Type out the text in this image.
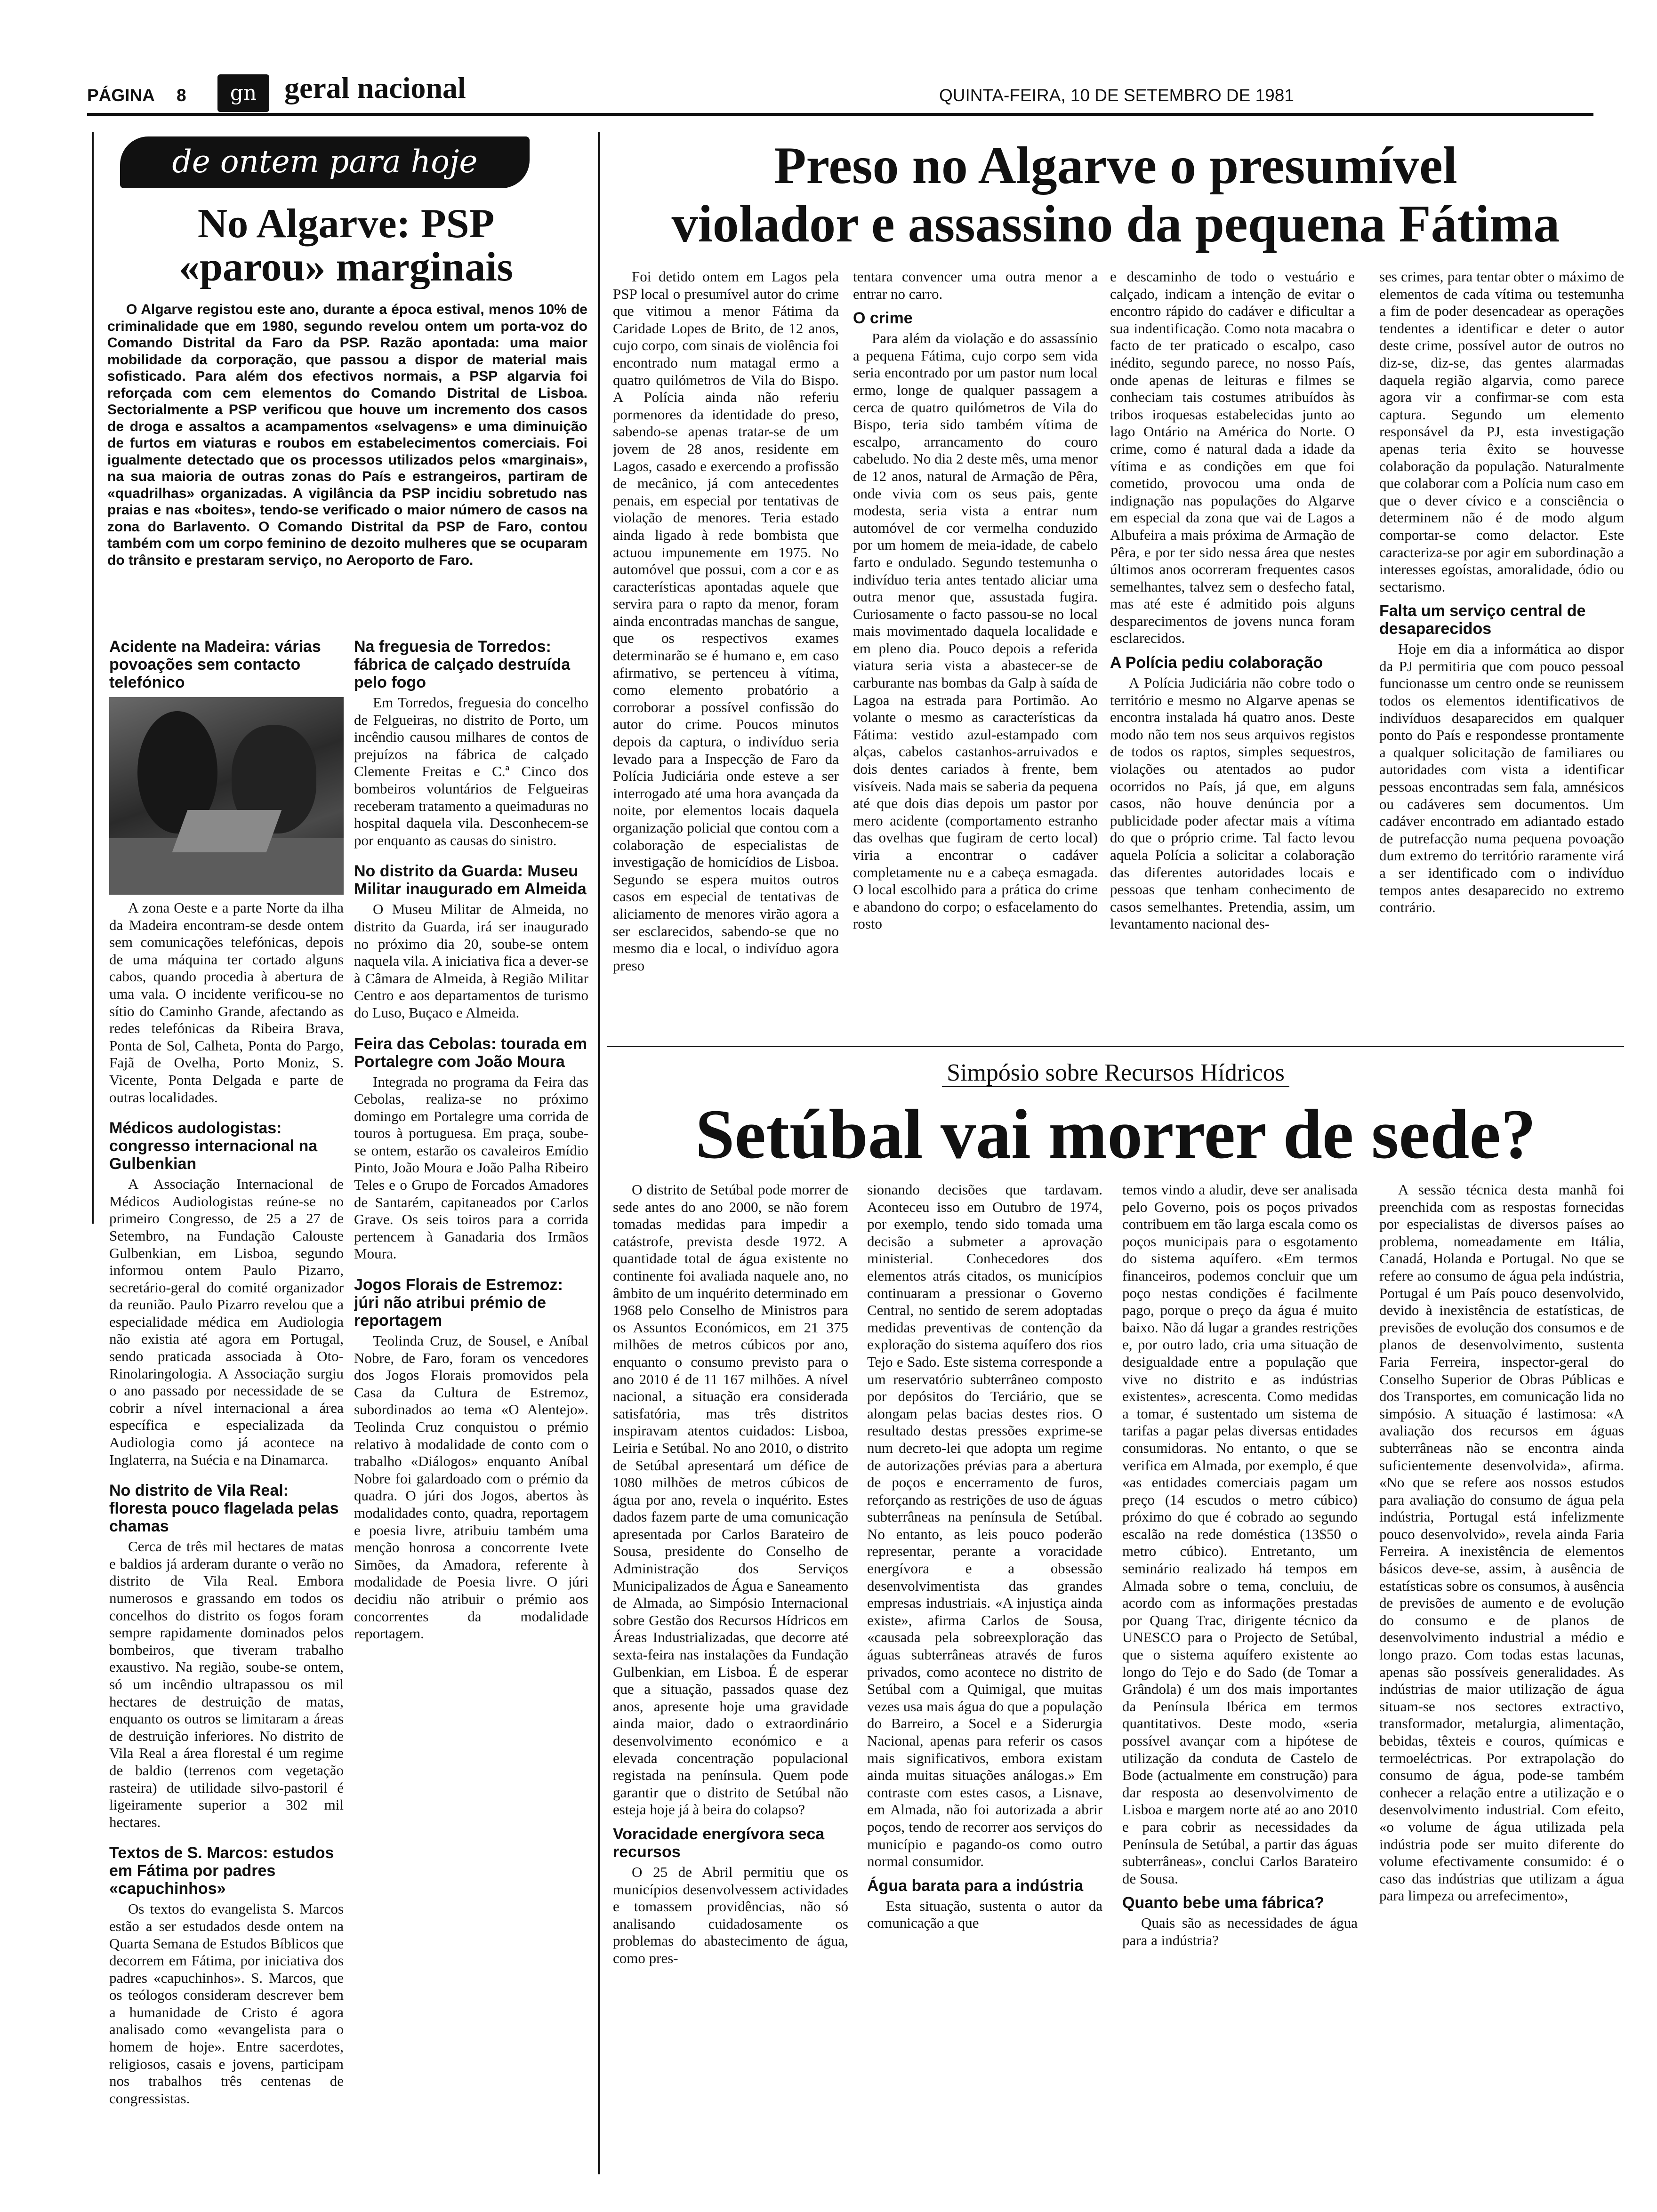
PÁGINA 8	gn geral nacional	QUINTA-FEIRA, 10 DE SETEMBRO DE 1981
de ontem para hoje
No Algarve: PSP
«parou» marginais

O Algarve registou este ano, durante a época estival, menos 10% de criminalidade que em 1980, segundo revelou ontem um porta-voz do Comando Distrital da Faro da PSP. Razão apontada: uma maior mobilidade da corporação, que passou a dispor de material mais sofisticado. Para além dos efectivos normais, a PSP algarvia foi reforçada com cem elementos do Comando Distrital de Lisboa. Sectorialmente a PSP verificou que houve um incremento dos casos de droga e assaltos a acampamentos «selvagens» e uma diminuição de furtos em viaturas e roubos em estabelecimentos comerciais. Foi igualmente detectado que os processos utilizados pelos «marginais», na sua maioria de outras zonas do País e estrangeiros, partiram de «quadrilhas» organizadas. A vigilância da PSP incidiu sobretudo nas praias e nas «boites», tendo-se verificado o maior número de casos na zona do Barlavento. O Comando Distrital da PSP de Faro, contou também com um corpo feminino de dezoito mulheres que se ocuparam do trânsito e prestaram serviço, no Aeroporto de Faro.

Acidente na Madeira: várias povoações sem contacto telefónico

A zona Oeste e a parte Norte da ilha da Madeira encontram-se desde ontem sem comunicações telefónicas, depois de uma máquina ter cortado alguns cabos, quando procedia à abertura de uma vala. O incidente verificou-se no sítio do Caminho Grande, afectando as redes telefónicas da Ribeira Brava, Ponta de Sol, Calheta, Ponta do Pargo, Fajã de Ovelha, Porto Moniz, S. Vicente, Ponta Delgada e parte de outras localidades.

Médicos audologistas: congresso internacional na Gulbenkian

A Associação Internacional de Médicos Audiologistas reúne-se no primeiro Congresso, de 25 a 27 de Setembro, na Fundação Calouste Gulbenkian, em Lisboa, segundo informou ontem Paulo Pizarro, secretário-geral do comité organizador da reunião. Paulo Pizarro revelou que a especialidade médica em Audiologia não existia até agora em Portugal, sendo praticada associada à Oto-Rinolaringologia. A Associação surgiu o ano passado por necessidade de se cobrir a nível internacional a área específica e especializada da Audiologia como já acontece na Inglaterra, na Suécia e na Dinamarca.

No distrito de Vila Real: floresta pouco flagelada pelas chamas

Cerca de três mil hectares de matas e baldios já arderam durante o verão no distrito de Vila Real. Embora numerosos e grassando em todos os concelhos do distrito os fogos foram sempre rapidamente dominados pelos bombeiros, que tiveram trabalho exaustivo. Na região, soube-se ontem, só um incêndio ultrapassou os mil hectares de destruição de matas, enquanto os outros se limitaram a áreas de destruição inferiores. No distrito de Vila Real a área florestal é um regime de baldio (terrenos com vegetação rasteira) de utilidade silvo-pastoril é ligeiramente superior a 302 mil hectares.

Textos de S. Marcos: estudos em Fátima por padres «capuchinhos»

Os textos do evangelista S. Marcos estão a ser estudados desde ontem na Quarta Semana de Estudos Bíblicos que decorrem em Fátima, por iniciativa dos padres «capuchinhos». S. Marcos, que os teólogos consideram descrever bem a humanidade de Cristo é agora analisado como «evangelista para o homem de hoje». Entre sacerdotes, religiosos, casais e jovens, participam nos trabalhos três centenas de congressistas.

Na freguesia de Torredos: fábrica de calçado destruída pelo fogo

Em Torredos, freguesia do concelho de Felgueiras, no distrito de Porto, um incêndio causou milhares de contos de prejuízos na fábrica de calçado Clemente Freitas e C.ª Cinco dos bombeiros voluntários de Felgueiras receberam tratamento a queimaduras no hospital daquela vila. Desconhecem-se por enquanto as causas do sinistro.

No distrito da Guarda: Museu Militar inaugurado em Almeida

O Museu Militar de Almeida, no distrito da Guarda, irá ser inaugurado no próximo dia 20, soube-se ontem naquela vila. A iniciativa fica a dever-se à Câmara de Almeida, à Região Militar Centro e aos departamentos de turismo do Luso, Buçaco e Almeida.

Feira das Cebolas: tourada em Portalegre com João Moura

Integrada no programa da Feira das Cebolas, realiza-se no próximo domingo em Portalegre uma corrida de touros à portuguesa. Em praça, soube-se ontem, estarão os cavaleiros Emídio Pinto, João Moura e João Palha Ribeiro Teles e o Grupo de Forcados Amadores de Santarém, capitaneados por Carlos Grave. Os seis toiros para a corrida pertencem à Ganadaria dos Irmãos Moura.

Jogos Florais de Estremoz: júri não atribui prémio de reportagem

Teolinda Cruz, de Sousel, e Aníbal Nobre, de Faro, foram os vencedores dos Jogos Florais promovidos pela Casa da Cultura de Estremoz, subordinados ao tema «O Alentejo». Teolinda Cruz conquistou o prémio relativo à modalidade de conto com o trabalho «Diálogos» enquanto Aníbal Nobre foi galardoado com o prémio da quadra. O júri dos Jogos, abertos às modalidades conto, quadra, reportagem e poesia livre, atribuiu também uma menção honrosa a concorrente Ivete Simões, da Amadora, referente à modalidade de Poesia livre. O júri decidiu não atribuir o prémio aos concorrentes da modalidade reportagem.

Preso no Algarve o presumível
violador e assassino da pequena Fátima

Foi detido ontem em Lagos pela PSP local o presumível autor do crime que vitimou a menor Fátima da Caridade Lopes de Brito, de 12 anos, cujo corpo, com sinais de violência foi encontrado num matagal ermo a quatro quilómetros de Vila do Bispo. A Polícia ainda não referiu pormenores da identidade do preso, sabendo-se apenas tratar-se de um jovem de 28 anos, residente em Lagos, casado e exercendo a profissão de mecânico, já com antecedentes penais, em especial por tentativas de violação de menores. Teria estado ainda ligado à rede bombista que actuou impunemente em 1975. No automóvel que possui, com a cor e as características apontadas aquele que servira para o rapto da menor, foram ainda encontradas manchas de sangue, que os respectivos exames determinarão se é humano e, em caso afirmativo, se pertenceu à vítima, como elemento probatório a corroborar a possível confissão do autor do crime. Poucos minutos depois da captura, o indivíduo seria levado para a Inspecção de Faro da Polícia Judiciária onde esteve a ser interrogado até uma hora avançada da noite, por elementos locais daquela organização policial que contou com a colaboração de especialistas de investigação de homicídios de Lisboa. Segundo se espera muitos outros casos em especial de tentativas de aliciamento de menores virão agora a ser esclarecidos, sabendo-se que no mesmo dia e local, o indivíduo agora preso

tentara convencer uma outra menor a entrar no carro.

O crime

Para além da violação e do assassínio a pequena Fátima, cujo corpo sem vida seria encontrado por um pastor num local ermo, longe de qualquer passagem a cerca de quatro quilómetros de Vila do Bispo, teria sido também vítima de escalpo, arrancamento do couro cabeludo. No dia 2 deste mês, uma menor de 12 anos, natural de Armação de Pêra, onde vivia com os seus pais, gente modesta, seria vista a entrar num automóvel de cor vermelha conduzido por um homem de meia-idade, de cabelo farto e ondulado. Segundo testemunha o indivíduo teria antes tentado aliciar uma outra menor que, assustada fugira. Curiosamente o facto passou-se no local mais movimentado daquela localidade e em pleno dia. Pouco depois a referida viatura seria vista a abastecer-se de carburante nas bombas da Galp à saída de Lagoa na estrada para Portimão. Ao volante o mesmo as características da Fátima: vestido azul-estampado com alças, cabelos castanhos-arruivados e dois dentes cariados à frente, bem visíveis. Nada mais se saberia da pequena até que dois dias depois um pastor por mero acidente (comportamento estranho das ovelhas que fugiram de certo local) viria a encontrar o cadáver completamente nu e a cabeça esmagada. O local escolhido para a prática do crime e abandono do corpo; o esfacelamento do rosto

e descaminho de todo o vestuário e calçado, indicam a intenção de evitar o encontro rápido do cadáver e dificultar a sua indentificação. Como nota macabra o facto de ter praticado o escalpo, caso inédito, segundo parece, no nosso País, onde apenas de leituras e filmes se conheciam tais costumes atribuídos às tribos iroquesas estabelecidas junto ao lago Ontário na América do Norte. O crime, como é natural dada a idade da vítima e as condições em que foi cometido, provocou uma onda de indignação nas populações do Algarve em especial da zona que vai de Lagos a Albufeira a mais próxima de Armação de Pêra, e por ter sido nessa área que nestes últimos anos ocorreram frequentes casos semelhantes, talvez sem o desfecho fatal, mas até este é admitido pois alguns desparecimentos de jovens nunca foram esclarecidos.

A Polícia pediu colaboração

A Polícia Judiciária não cobre todo o território e mesmo no Algarve apenas se encontra instalada há quatro anos. Deste modo não tem nos seus arquivos registos de todos os raptos, simples sequestros, violações ou atentados ao pudor ocorridos no País, já que, em alguns casos, não houve denúncia por a publicidade poder afectar mais a vítima do que o próprio crime. Tal facto levou aquela Polícia a solicitar a colaboração das diferentes autoridades locais e pessoas que tenham conhecimento de casos semelhantes. Pretendia, assim, um levantamento nacional des-

ses crimes, para tentar obter o máximo de elementos de cada vítima ou testemunha a fim de poder desencadear as operações tendentes a identificar e deter o autor deste crime, possível autor de outros no diz-se, diz-se, das gentes alarmadas daquela região algarvia, como parece agora vir a confirmar-se com esta captura. Segundo um elemento responsável da PJ, esta investigação apenas teria êxito se houvesse colaboração da população. Naturalmente que colaborar com a Polícia num caso em que o dever cívico e a consciência o determinem não é de modo algum comportar-se como delactor. Este caracteriza-se por agir em subordinação a interesses egoístas, amoralidade, ódio ou sectarismo.

Falta um serviço central de desaparecidos

Hoje em dia a informática ao dispor da PJ permitiria que com pouco pessoal funcionasse um centro onde se reunissem todos os elementos identificativos de indivíduos desaparecidos em qualquer ponto do País e respondesse prontamente a qualquer solicitação de familiares ou autoridades com vista a identificar pessoas encontradas sem fala, amnésicos ou cadáveres sem documentos. Um cadáver encontrado em adiantado estado de putrefacção numa pequena povoação dum extremo do território raramente virá a ser identificado com o indivíduo tempos antes desaparecido no extremo contrário.

Simpósio sobre Recursos Hídricos
Setúbal vai morrer de sede?

O distrito de Setúbal pode morrer de sede antes do ano 2000, se não forem tomadas medidas para impedir a catástrofe, prevista desde 1972. A quantidade total de água existente no continente foi avaliada naquele ano, no âmbito de um inquérito determinado em 1968 pelo Conselho de Ministros para os Assuntos Económicos, em 21 375 milhões de metros cúbicos por ano, enquanto o consumo previsto para o ano 2010 é de 11 167 milhões. A nível nacional, a situação era considerada satisfatória, mas três distritos inspiravam atentos cuidados: Lisboa, Leiria e Setúbal. No ano 2010, o distrito de Setúbal apresentará um défice de 1080 milhões de metros cúbicos de água por ano, revela o inquérito. Estes dados fazem parte de uma comunicação apresentada por Carlos Barateiro de Sousa, presidente do Conselho de Administração dos Serviços Municipalizados de Água e Saneamento de Almada, ao Simpósio Internacional sobre Gestão dos Recursos Hídricos em Áreas Industrializadas, que decorre até sexta-feira nas instalações da Fundação Gulbenkian, em Lisboa. É de esperar que a situação, passados quase dez anos, apresente hoje uma gravidade ainda maior, dado o extraordinário desenvolvimento económico e a elevada concentração populacional registada na península. Quem pode garantir que o distrito de Setúbal não esteja hoje já à beira do colapso?

Voracidade energívora seca recursos

O 25 de Abril permitiu que os municípios desenvolvessem actividades e tomassem providências, não só analisando cuidadosamente os problemas do abastecimento de água, como pres-

sionando decisões que tardavam. Aconteceu isso em Outubro de 1974, por exemplo, tendo sido tomada uma decisão a submeter a aprovação ministerial. Conhecedores dos elementos atrás citados, os municípios continuaram a pressionar o Governo Central, no sentido de serem adoptadas medidas preventivas de contenção da exploração do sistema aquífero dos rios Tejo e Sado. Este sistema corresponde a um reservatório subterrâneo composto por depósitos do Terciário, que se alongam pelas bacias destes rios. O resultado destas pressões exprime-se num decreto-lei que adopta um regime de autorizações prévias para a abertura de poços e encerramento de furos, reforçando as restrições de uso de águas subterrâneas na península de Setúbal. No entanto, as leis pouco poderão representar, perante a voracidade energívora e a obsessão desenvolvimentista das grandes empresas industriais. «A injustiça ainda existe», afirma Carlos de Sousa, «causada pela sobreexploração das águas subterrâneas através de furos privados, como acontece no distrito de Setúbal com a Quimigal, que muitas vezes usa mais água do que a população do Barreiro, a Socel e a Siderurgia Nacional, apenas para referir os casos mais significativos, embora existam ainda muitas situações análogas.» Em contraste com estes casos, a Lisnave, em Almada, não foi autorizada a abrir poços, tendo de recorrer aos serviços do município e pagando-os como outro normal consumidor.

Água barata para a indústria

Esta situação, sustenta o autor da comunicação a que

temos vindo a aludir, deve ser analisada pelo Governo, pois os poços privados contribuem em tão larga escala como os poços municipais para o esgotamento do sistema aquífero. «Em termos financeiros, podemos concluir que um poço nestas condições é facilmente pago, porque o preço da água é muito baixo. Não dá lugar a grandes restrições e, por outro lado, cria uma situação de desigualdade entre a população que vive no distrito e as indústrias existentes», acrescenta. Como medidas a tomar, é sustentado um sistema de tarifas a pagar pelas diversas entidades consumidoras. No entanto, o que se verifica em Almada, por exemplo, é que «as entidades comerciais pagam um preço (14 escudos o metro cúbico) próximo do que é cobrado ao segundo escalão na rede doméstica (13$50 o metro cúbico). Entretanto, um seminário realizado há tempos em Almada sobre o tema, concluiu, de acordo com as informações prestadas por Quang Trac, dirigente técnico da UNESCO para o Projecto de Setúbal, que o sistema aquífero existente ao longo do Tejo e do Sado (de Tomar a Grândola) é um dos mais importantes da Península Ibérica em termos quantitativos. Deste modo, «seria possível avançar com a hipótese de utilização da conduta de Castelo de Bode (actualmente em construção) para dar resposta ao desenvolvimento de Lisboa e margem norte até ao ano 2010 e para cobrir as necessidades da Península de Setúbal, a partir das águas subterrâneas», conclui Carlos Barateiro de Sousa.

Quanto bebe uma fábrica?

Quais são as necessidades de água para a indústria?

A sessão técnica desta manhã foi preenchida com as respostas fornecidas por especialistas de diversos países ao problema, nomeadamente em Itália, Canadá, Holanda e Portugal. No que se refere ao consumo de água pela indústria, Portugal é um País pouco desenvolvido, devido à inexistência de estatísticas, de previsões de evolução dos consumos e de planos de desenvolvimento, sustenta Faria Ferreira, inspector-geral do Conselho Superior de Obras Públicas e dos Transportes, em comunicação lida no simpósio. A situação é lastimosa: «A avaliação dos recursos em águas subterrâneas não se encontra ainda suficientemente desenvolvida», afirma. «No que se refere aos nossos estudos para avaliação do consumo de água pela indústria, Portugal está infelizmente pouco desenvolvido», revela ainda Faria Ferreira. A inexistência de elementos básicos deve-se, assim, à ausência de estatísticas sobre os consumos, à ausência de previsões de aumento e de evolução do consumo e de planos de desenvolvimento industrial a médio e longo prazo. Com todas estas lacunas, apenas são possíveis generalidades. As indústrias de maior utilização de água situam-se nos sectores extractivo, transformador, metalurgia, alimentação, bebidas, têxteis e couros, químicas e termoeléctricas. Por extrapolação do consumo de água, pode-se também conhecer a relação entre a utilização e o desenvolvimento industrial. Com efeito, «o volume de água utilizada pela indústria pode ser muito diferente do volume efectivamente consumido: é o caso das indústrias que utilizam a água para limpeza ou arrefecimento»,
